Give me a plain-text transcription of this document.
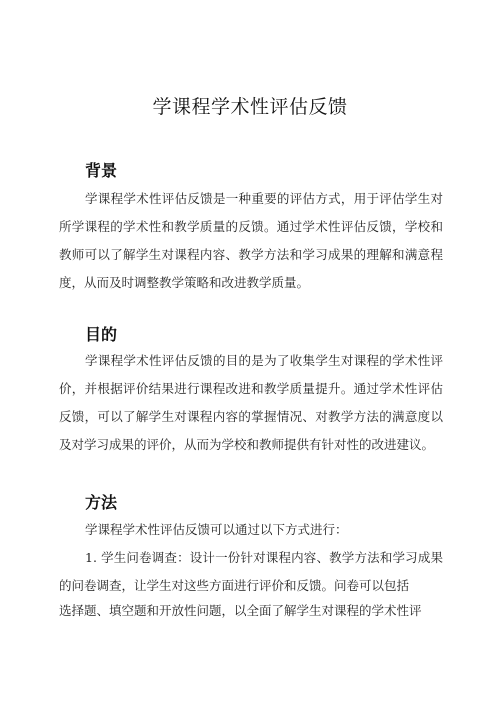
学课程学术性评估反馈
背景

学课程学术性评估反馈是一种重要的评估方式，用于评估学生对所学课程的学术性和教学质量的反馈。通过学术性评估反馈，学校和教师可以了解学生对课程内容、教学方法和学习成果的理解和满意程度，从而及时调整教学策略和改进教学质量。

目的

学课程学术性评估反馈的目的是为了收集学生对课程的学术性评价，并根据评价结果进行课程改进和教学质量提升。通过学术性评估反馈，可以了解学生对课程内容的掌握情况、对教学方法的满意度以及对学习成果的评价，从而为学校和教师提供有针对性的改进建议。

方法

学课程学术性评估反馈可以通过以下方式进行：

1. 学生问卷调查：设计一份针对课程内容、教学方法和学习成果的问卷调查，让学生对这些方面进行评价和反馈。问卷可以包括

选择题、填空题和开放性问题，以全面了解学生对课程的学术性评
